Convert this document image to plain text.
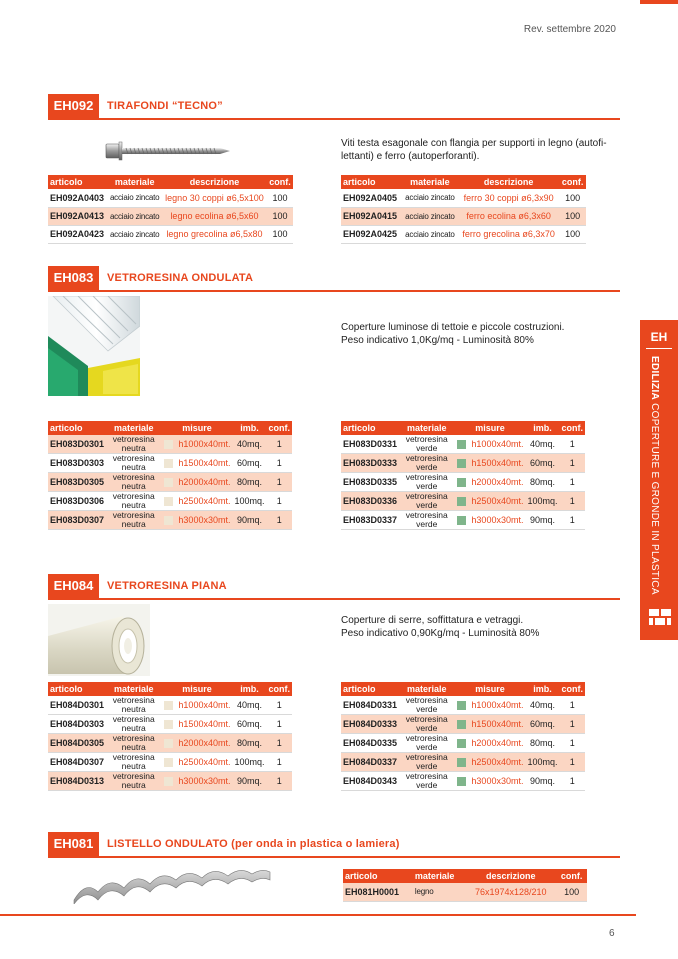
Rev. settembre 2020
EH092	TIRAFONDI “TECNO”
Viti testa esagonale con flangia per supporti in legno (autofi-
lettanti) e ferro (autoperforanti).
articolo	materiale	descrizione	conf.
EH092A0403	acciaio zincato	legno 30 coppi ø6,5x100	100
EH092A0413	acciaio zincato	legno ecolina ø6,5x60	100
EH092A0423	acciaio zincato	legno grecolina ø6,5x80	100
articolo	materiale	descrizione	conf.
EH092A0405	acciaio zincato	ferro 30 coppi ø6,3x90	100
EH092A0415	acciaio zincato	ferro ecolina ø6,3x60	100
EH092A0425	acciaio zincato	ferro grecolina ø6,3x70	100
EH083	VETRORESINA ONDULATA
Coperture luminose di tettoie e piccole costruzioni.
Peso indicativo 1,0Kg/mq - Luminosità 80%
articolo	materiale	misure		imb.	conf.
EH083D0301	vetroresina neutra		h1000x40mt.	40mq.	1
EH083D0303	vetroresina neutra		h1500x40mt.	60mq.	1
EH083D0305	vetroresina neutra		h2000x40mt.	80mq.	1
EH083D0306	vetroresina neutra		h2500x40mt.	100mq.	1
EH083D0307	vetroresina neutra		h3000x30mt.	90mq.	1
articolo	materiale	misure		imb.	conf.
EH083D0331	vetroresina verde		h1000x40mt.	40mq.	1
EH083D0333	vetroresina verde		h1500x40mt.	60mq.	1
EH083D0335	vetroresina verde		h2000x40mt.	80mq.	1
EH083D0336	vetroresina verde		h2500x40mt.	100mq.	1
EH083D0337	vetroresina verde		h3000x30mt.	90mq.	1
EH084	VETRORESINA PIANA
Coperture di serre, soffittatura e vetraggi.
Peso indicativo 0,90Kg/mq - Luminosità 80%
articolo	materiale	misure		imb.	conf.
EH084D0301	vetroresina neutra		h1000x40mt.	40mq.	1
EH084D0303	vetroresina neutra		h1500x40mt.	60mq.	1
EH084D0305	vetroresina neutra		h2000x40mt.	80mq.	1
EH084D0307	vetroresina neutra		h2500x40mt.	100mq.	1
EH084D0313	vetroresina neutra		h3000x30mt.	90mq.	1
articolo	materiale	misure		imb.	conf.
EH084D0331	vetroresina verde		h1000x40mt.	40mq.	1
EH084D0333	vetroresina verde		h1500x40mt.	60mq.	1
EH084D0335	vetroresina verde		h2000x40mt.	80mq.	1
EH084D0337	vetroresina verde		h2500x40mt.	100mq.	1
EH084D0343	vetroresina verde		h3000x30mt.	90mq.	1
EH081	LISTELLO ONDULATO (per onda in plastica o lamiera)
articolo	materiale	descrizione	conf.
EH081H0001	legno	76x1974x128/210	100
EH
EDILIZIA COPERTURE E GRONDE IN PLASTICA
6
